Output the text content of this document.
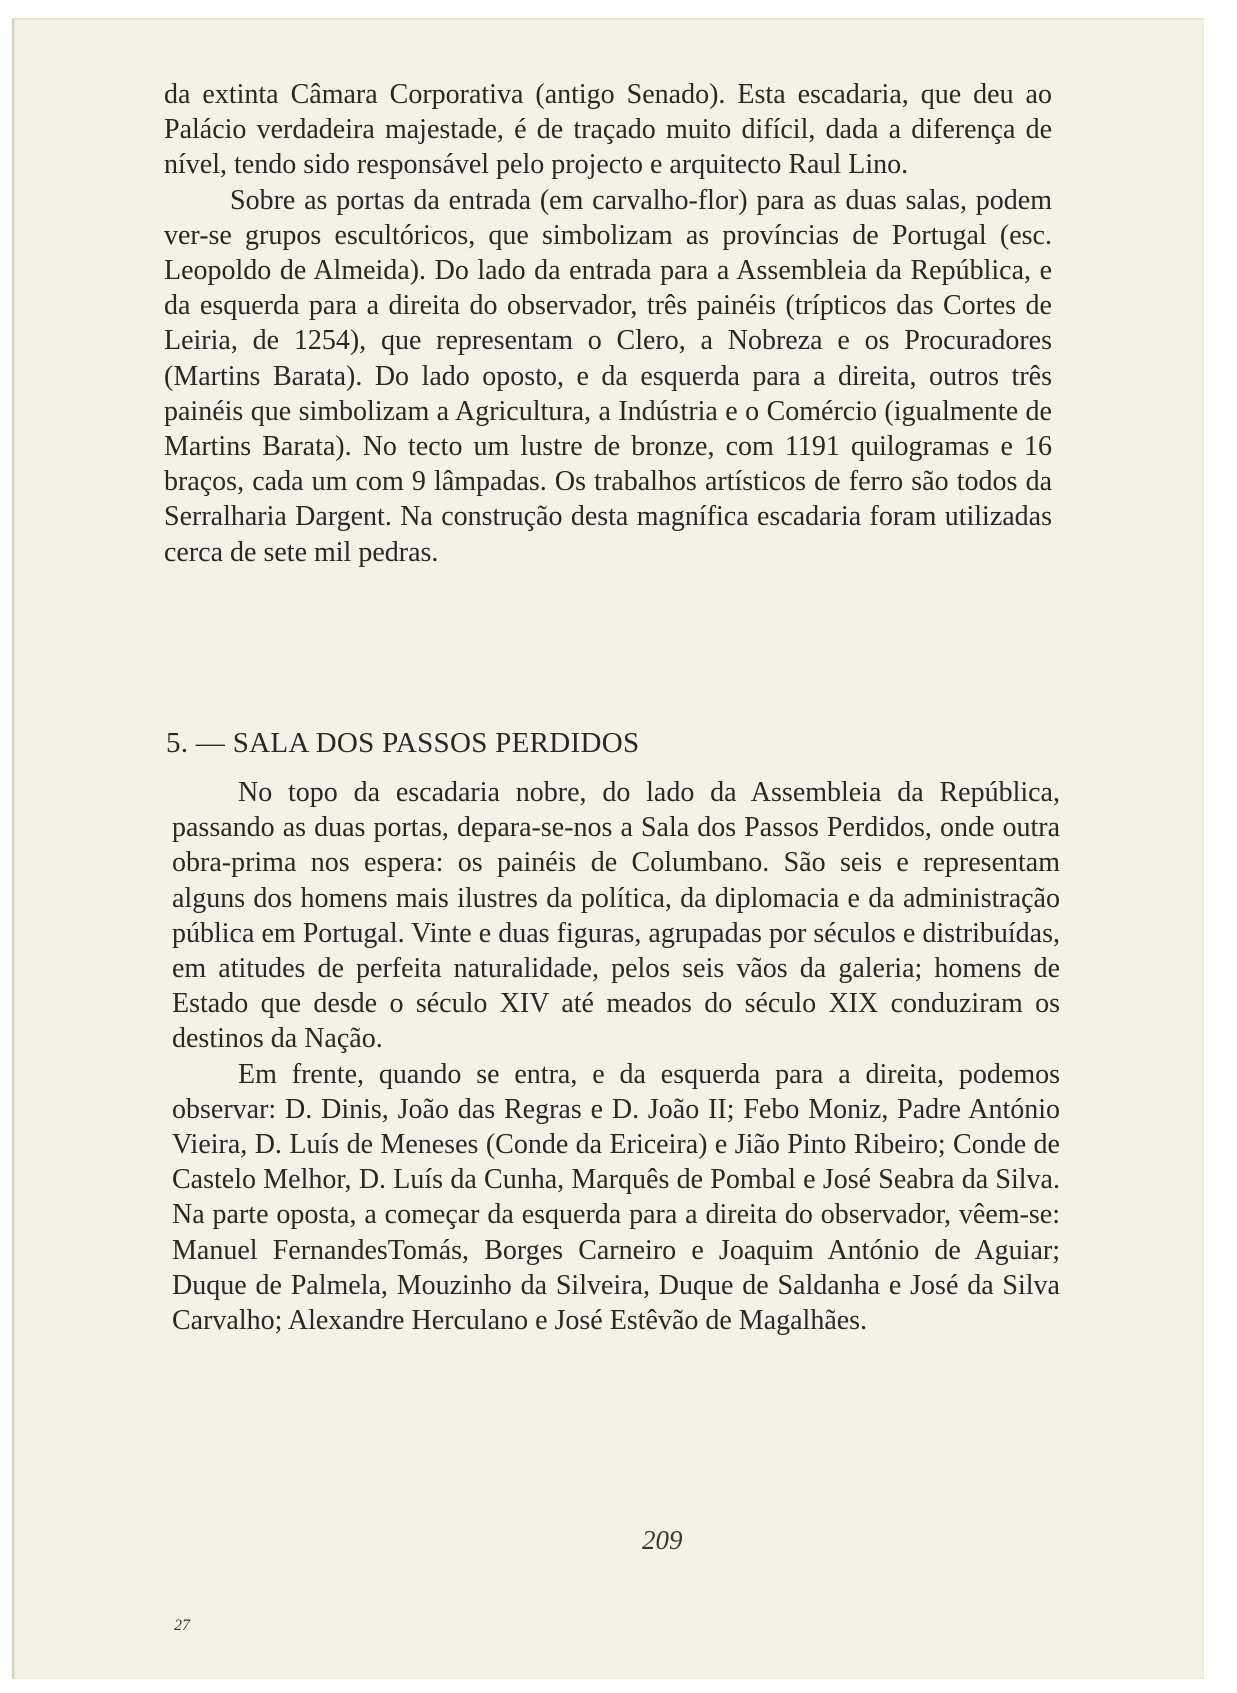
da extinta Câmara Corporativa (antigo Senado). Esta escadaria, que deu ao Palácio verdadeira majestade, é de traçado muito difícil, dada a diferença de nível, tendo sido responsável pelo projecto e arquitecto Raul Lino.

Sobre as portas da entrada (em carvalho-flor) para as duas salas, podem ver-se grupos escultóricos, que simbolizam as províncias de Portugal (esc. Leopoldo de Almeida). Do lado da entrada para a Assembleia da República, e da esquerda para a direita do observador, três painéis (trípticos das Cortes de Leiria, de 1254), que representam o Clero, a Nobreza e os Procuradores (Martins Barata). Do lado oposto, e da esquerda para a direita, outros três painéis que simbolizam a Agricultura, a Indústria e o Comércio (igualmente de Martins Barata). No tecto um lustre de bronze, com 1191 quilogramas e 16 braços, cada um com 9 lâmpadas. Os trabalhos artísticos de ferro são todos da Serralharia Dargent. Na construção desta magnífica escadaria foram utilizadas cerca de sete mil pedras.

5. — SALA DOS PASSOS PERDIDOS

No topo da escadaria nobre, do lado da Assembleia da República, passando as duas portas, depara-se-nos a Sala dos Passos Perdidos, onde outra obra-prima nos espera: os painéis de Columbano. São seis e representam alguns dos homens mais ilustres da política, da diplomacia e da administração pública em Portugal. Vinte e duas figuras, agrupadas por séculos e distribuídas, em atitudes de perfeita naturalidade, pelos seis vãos da galeria; homens de Estado que desde o século XIV até meados do século XIX conduziram os destinos da Nação.

Em frente, quando se entra, e da esquerda para a direita, podemos observar: D. Dinis, João das Regras e D. João II; Febo Moniz, Padre António Vieira, D. Luís de Meneses (Conde da Ericeira) e Jião Pinto Ribeiro; Conde de Castelo Melhor, D. Luís da Cunha, Marquês de Pombal e José Seabra da Silva. Na parte oposta, a começar da esquerda para a direita do observador, vêem-se: Manuel FernandesTomás, Borges Carneiro e Joaquim António de Aguiar; Duque de Palmela, Mouzinho da Silveira, Duque de Saldanha e José da Silva Carvalho; Alexandre Herculano e José Estêvão de Magalhães.

209
27
